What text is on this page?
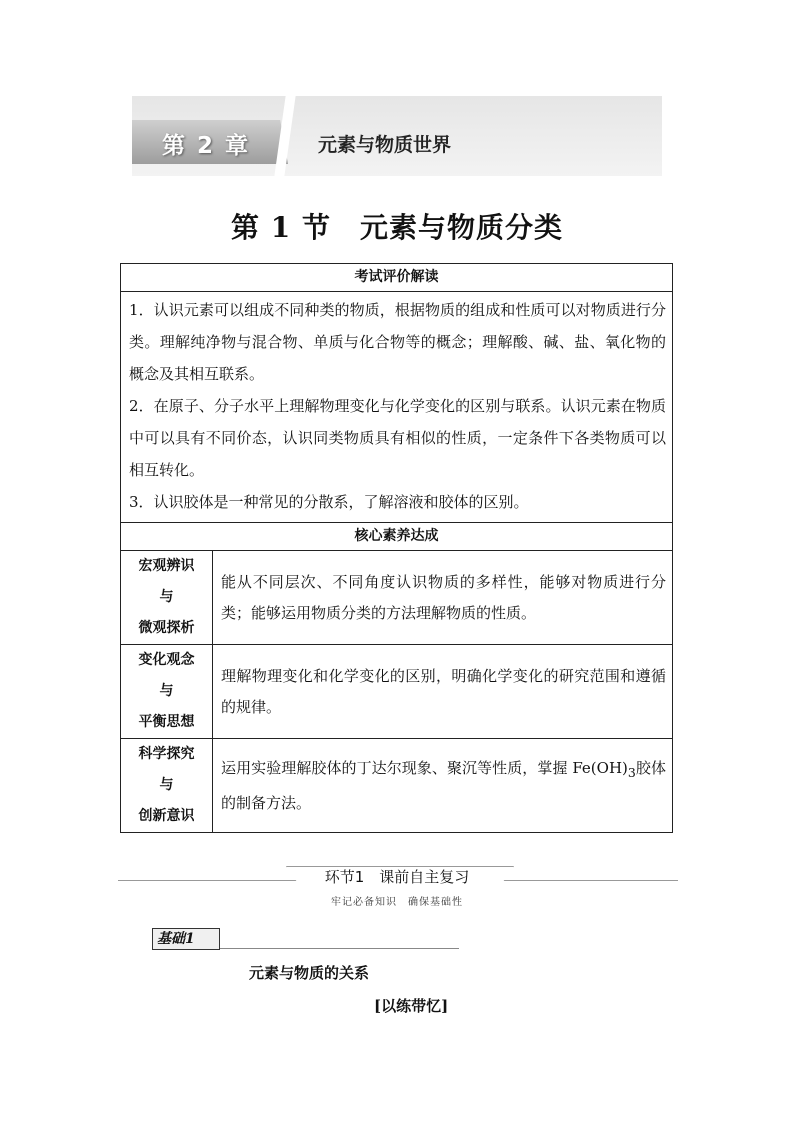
第 2 章	元素与物质世界
第 1 节　元素与物质分类
考试评价解读	

1．认识元素可以组成不同种类的物质，根据物质的组成和性质可以对物质进行分类。理解纯净物与混合物、单质与化合物等的概念；理解酸、碱、盐、氧化物的概念及其相互联系。

2．在原子、分子水平上理解物理变化与化学变化的区别与联系。认识元素在物质中可以具有不同价态，认识同类物质具有相似的性质，一定条件下各类物质可以相互转化。

3．认识胶体是一种常见的分散系，了解溶液和胶体的区别。	

核心素养达成	

宏观辨识
与
微观探析	能从不同层次、不同角度认识物质的多样性，能够对物质进行分类；能够运用物质分类的方法理解物质的性质。

变化观念
与
平衡思想	理解物理变化和化学变化的区别，明确化学变化的研究范围和遵循的规律。

科学探究
与
创新意识	运用实验理解胶体的丁达尔现象、聚沉等性质，掌握 $Fe(OH)_3$胶体的制备方法。
环节1　课前自主复习
牢记必备知识　确保基础性
基础1
元素与物质的关系
[以练带忆]
